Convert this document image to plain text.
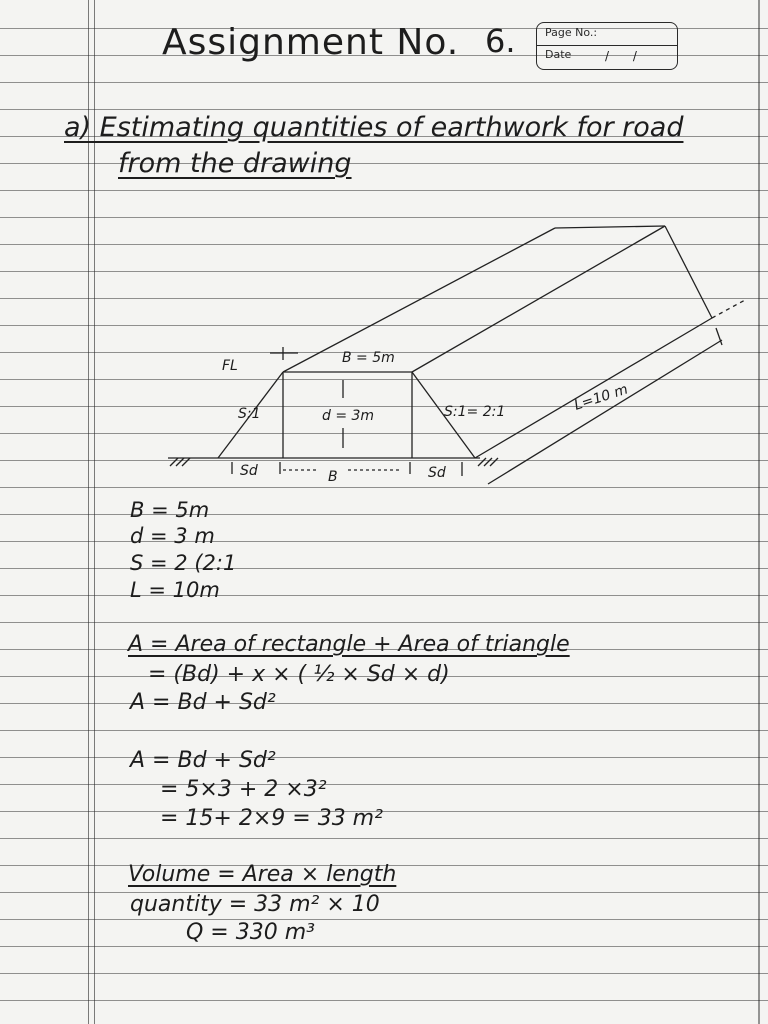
Assignment No. 6.	Page No.:
Date	/ /
a) Estimating quantities of earthwork for road
from the drawing
FL	B = 5m
S:1	d = 3m	S:1= 2:1	L=10 m
Sd	B	Sd
B = 5m
d = 3 m
S = 2 (2:1
L = 10m
A = Area of rectangle + Area of triangle
= (Bd) + x × ( ½ × Sd × d)
A = Bd + Sd²
A = Bd + Sd²
= 5×3 + 2 ×3²
= 15+ 2×9 = 33 m²
Volume = Area × length
quantity = 33 m² × 10
Q = 330 m³
